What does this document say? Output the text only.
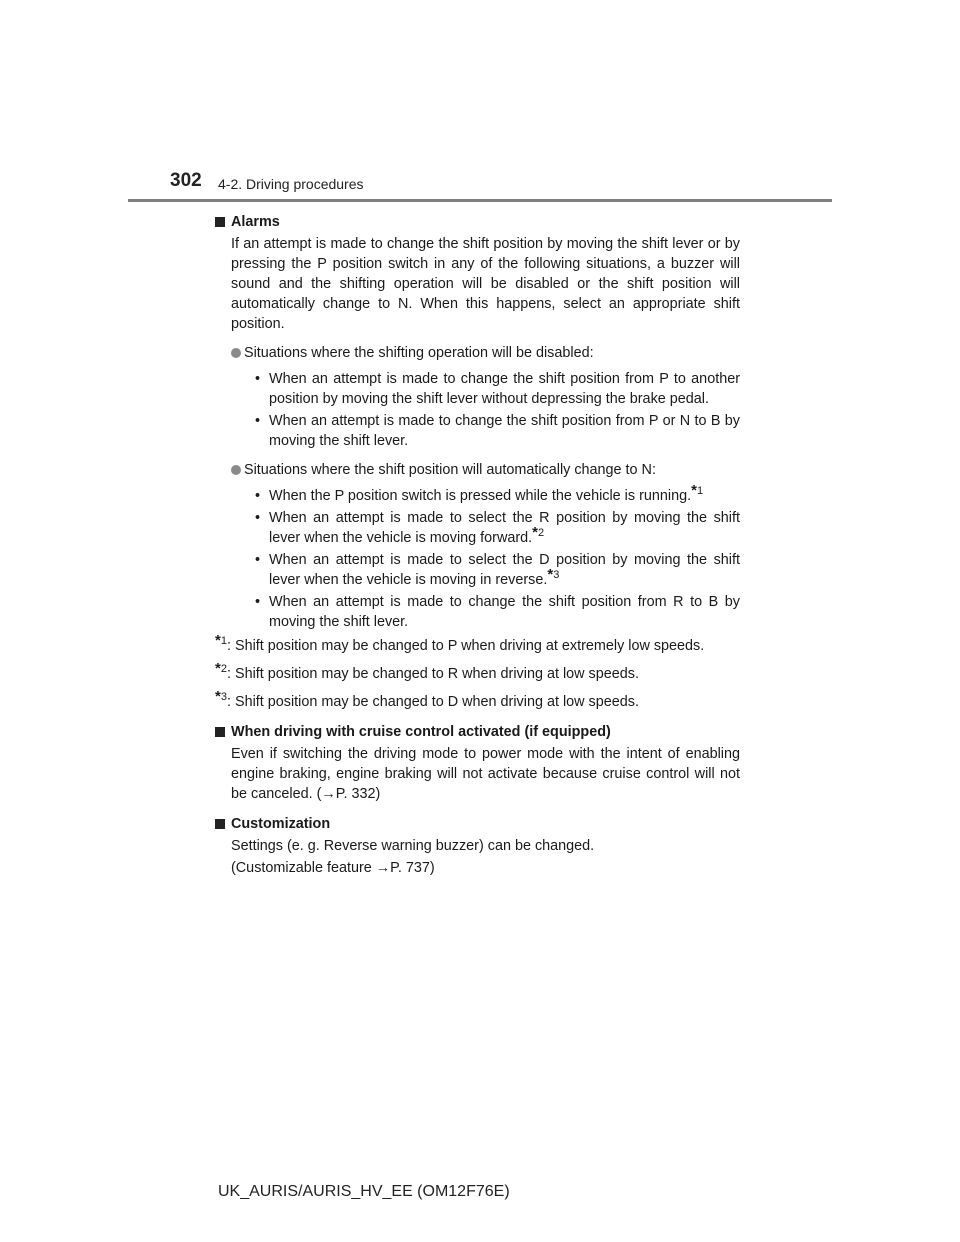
302 4-2. Driving procedures
Alarms
If an attempt is made to change the shift position by moving the shift lever or by pressing the P position switch in any of the following situations, a buzzer will sound and the shifting operation will be disabled or the shift position will automatically change to N. When this happens, select an appropriate shift position.
Situations where the shifting operation will be disabled:
• When an attempt is made to change the shift position from P to another position by moving the shift lever without depressing the brake pedal.
• When an attempt is made to change the shift position from P or N to B by moving the shift lever.
Situations where the shift position will automatically change to N:
• When the P position switch is pressed while the vehicle is running.$^{*1}$
• When an attempt is made to select the R position by moving the shift lever when the vehicle is moving forward.$^{*2}$
• When an attempt is made to select the D position by moving the shift lever when the vehicle is moving in reverse.$^{*3}$
• When an attempt is made to change the shift position from R to B by moving the shift lever.
$^{*1}$: Shift position may be changed to P when driving at extremely low speeds.
$^{*2}$: Shift position may be changed to R when driving at low speeds.
$^{*3}$: Shift position may be changed to D when driving at low speeds.
When driving with cruise control activated (if equipped)
Even if switching the driving mode to power mode with the intent of enabling engine braking, engine braking will not activate because cruise control will not be canceled. (→P. 332)
Customization
Settings (e. g. Reverse warning buzzer) can be changed.
(Customizable feature →P. 737)
UK_AURIS/AURIS_HV_EE (OM12F76E)
